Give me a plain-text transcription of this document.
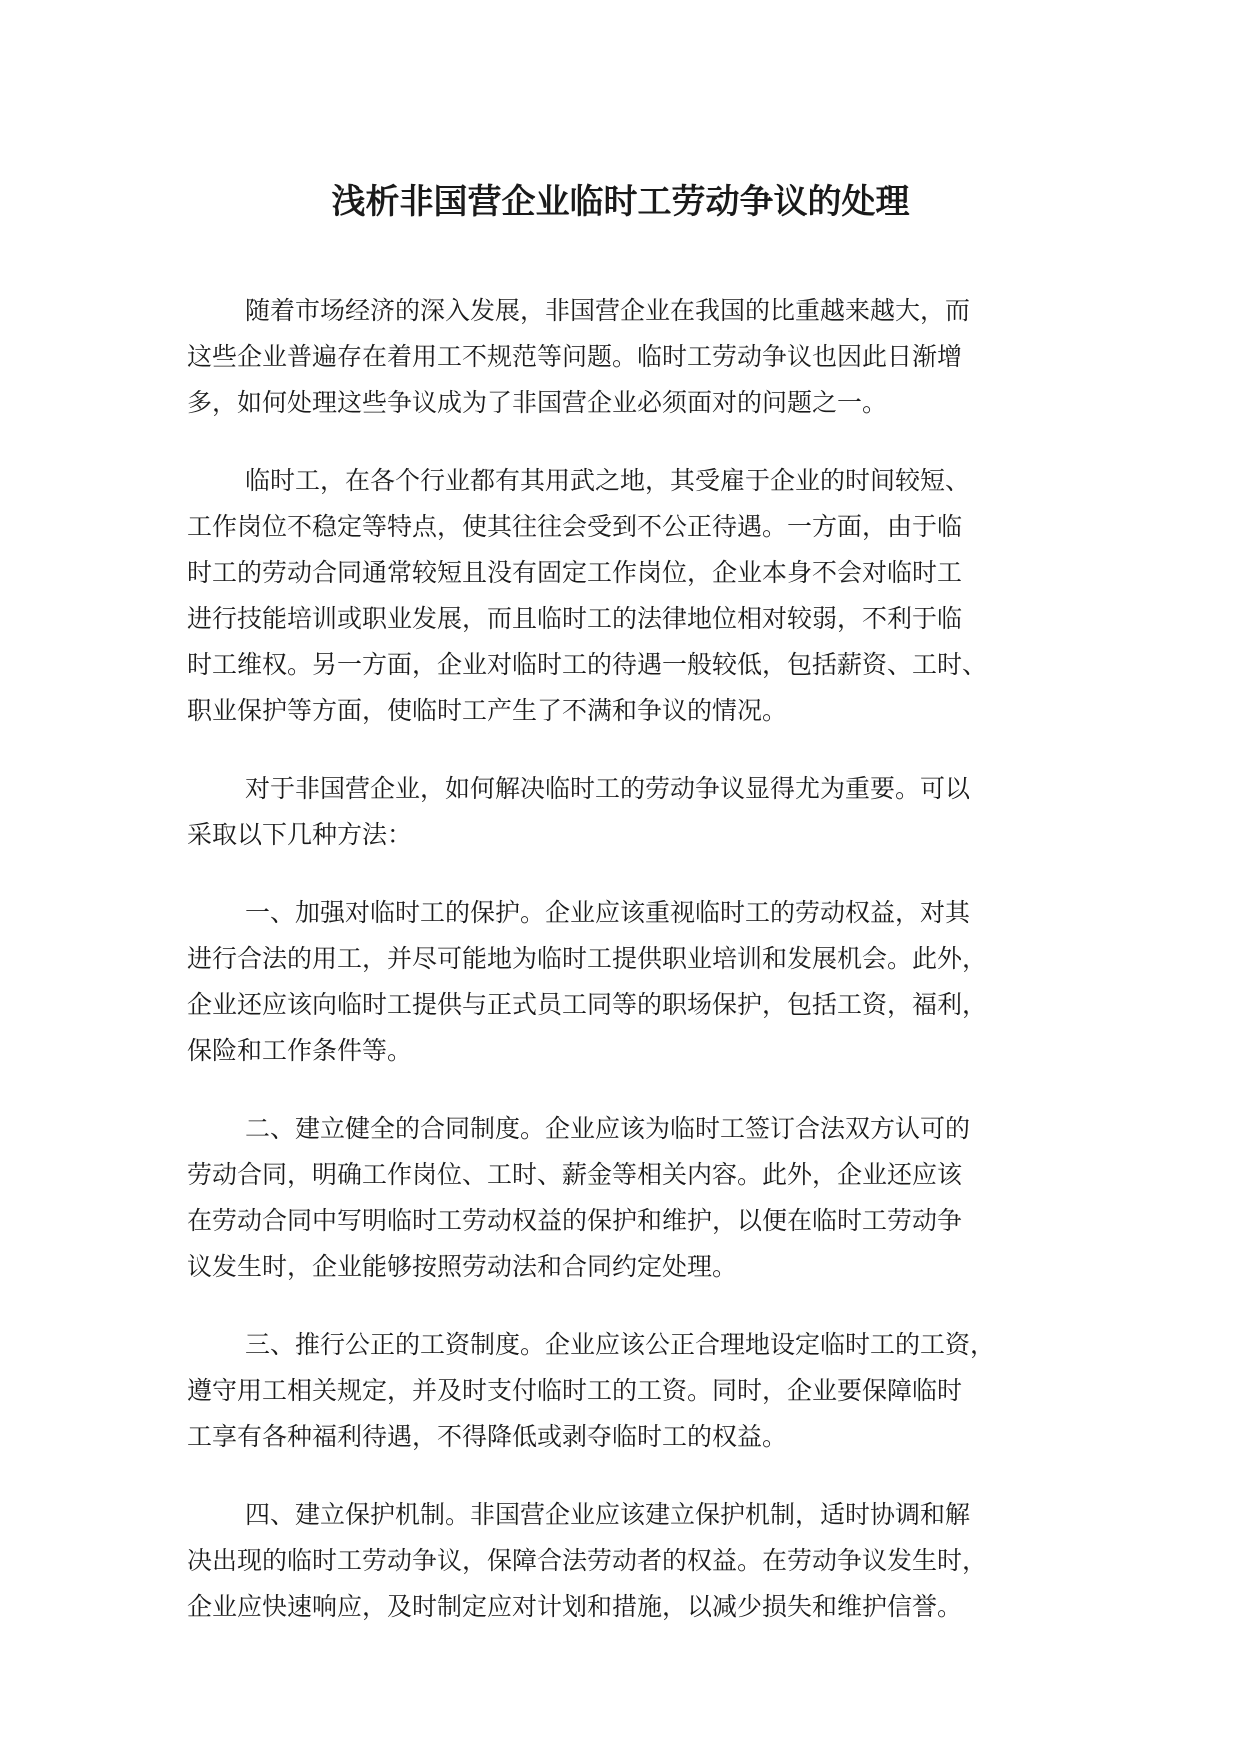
浅析非国营企业临时工劳动争议的处理

随着市场经济的深入发展，非国营企业在我国的比重越来越大，而
这些企业普遍存在着用工不规范等问题。临时工劳动争议也因此日渐增
多，如何处理这些争议成为了非国营企业必须面对的问题之一。

临时工，在各个行业都有其用武之地，其受雇于企业的时间较短、
工作岗位不稳定等特点，使其往往会受到不公正待遇。一方面，由于临
时工的劳动合同通常较短且没有固定工作岗位，企业本身不会对临时工
进行技能培训或职业发展，而且临时工的法律地位相对较弱，不利于临
时工维权。另一方面，企业对临时工的待遇一般较低，包括薪资、工时、
职业保护等方面，使临时工产生了不满和争议的情况。

对于非国营企业，如何解决临时工的劳动争议显得尤为重要。可以
采取以下几种方法：

一、加强对临时工的保护。企业应该重视临时工的劳动权益，对其
进行合法的用工，并尽可能地为临时工提供职业培训和发展机会。此外，
企业还应该向临时工提供与正式员工同等的职场保护，包括工资，福利，
保险和工作条件等。

二、建立健全的合同制度。企业应该为临时工签订合法双方认可的
劳动合同，明确工作岗位、工时、薪金等相关内容。此外，企业还应该
在劳动合同中写明临时工劳动权益的保护和维护，以便在临时工劳动争
议发生时，企业能够按照劳动法和合同约定处理。

三、推行公正的工资制度。企业应该公正合理地设定临时工的工资，
遵守用工相关规定，并及时支付临时工的工资。同时，企业要保障临时
工享有各种福利待遇，不得降低或剥夺临时工的权益。

四、建立保护机制。非国营企业应该建立保护机制，适时协调和解
决出现的临时工劳动争议，保障合法劳动者的权益。在劳动争议发生时，
企业应快速响应，及时制定应对计划和措施，以减少损失和维护信誉。
